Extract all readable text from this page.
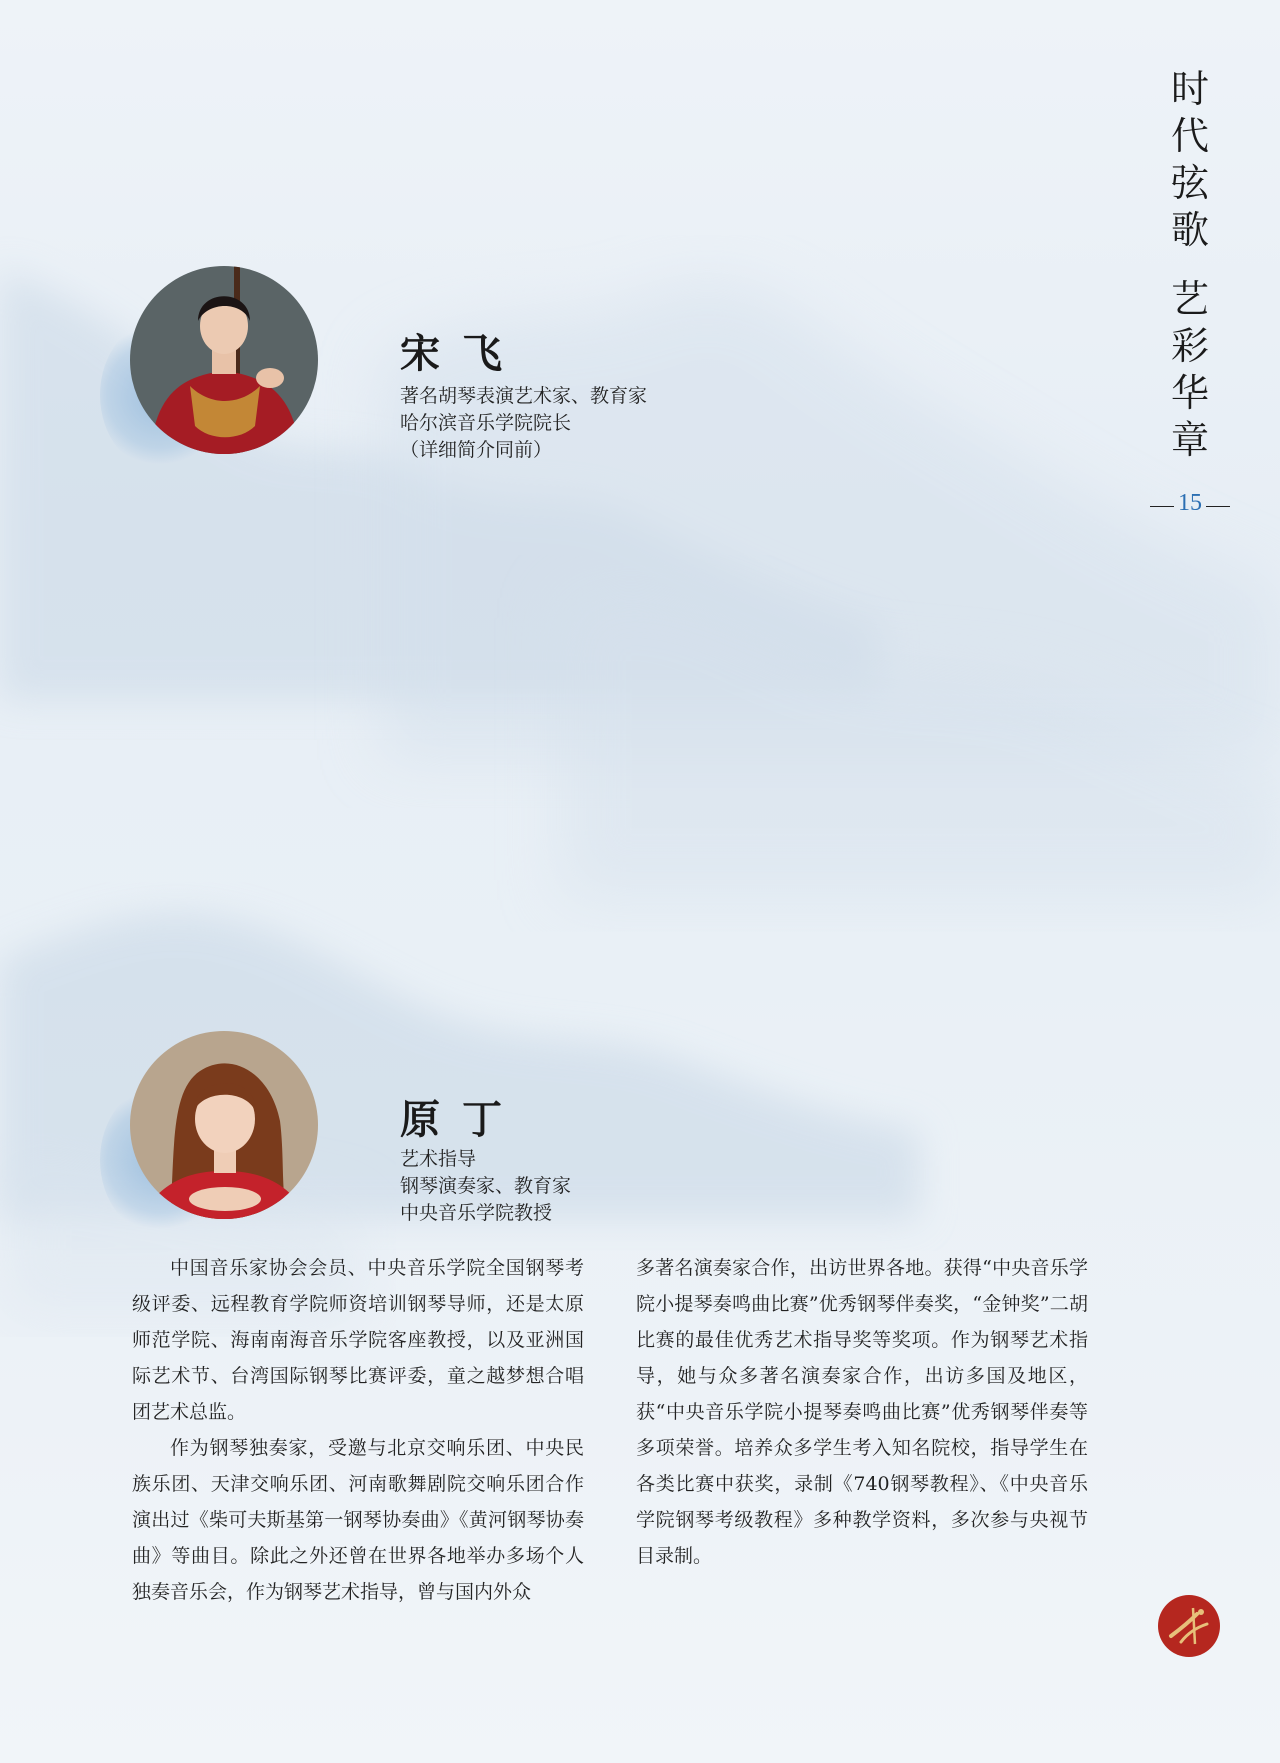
时
代
弦
歌
艺
彩
华
章
15
宋飞
著名胡琴表演艺术家、教育家
哈尔滨音乐学院院长
（详细简介同前）
原丁
艺术指导
钢琴演奏家、教育家
中央音乐学院教授

中国音乐家协会会员、中央音乐学院全国钢琴考级评委、远程教育学院师资培训钢琴导师，还是太原师范学院、海南南海音乐学院客座教授，以及亚洲国际艺术节、台湾国际钢琴比赛评委，童之越梦想合唱团艺术总监。

作为钢琴独奏家，受邀与北京交响乐团、中央民族乐团、天津交响乐团、河南歌舞剧院交响乐团合作演出过《柴可夫斯基第一钢琴协奏曲》《黄河钢琴协奏曲》等曲目。除此之外还曾在世界各地举办多场个人独奏音乐会，作为钢琴艺术指导，曾与国内外众

多著名演奏家合作，出访世界各地。获得“中央音乐学院小提琴奏鸣曲比赛”优秀钢琴伴奏奖，“金钟奖”二胡比赛的最佳优秀艺术指导奖等奖项。作为钢琴艺术指导，她与众多著名演奏家合作，出访多国及地区，获“中央音乐学院小提琴奏鸣曲比赛”优秀钢琴伴奏等多项荣誉。培养众多学生考入知名院校，指导学生在各类比赛中获奖，录制《740钢琴教程》、《中央音乐学院钢琴考级教程》多种教学资料，多次参与央视节目录制。
